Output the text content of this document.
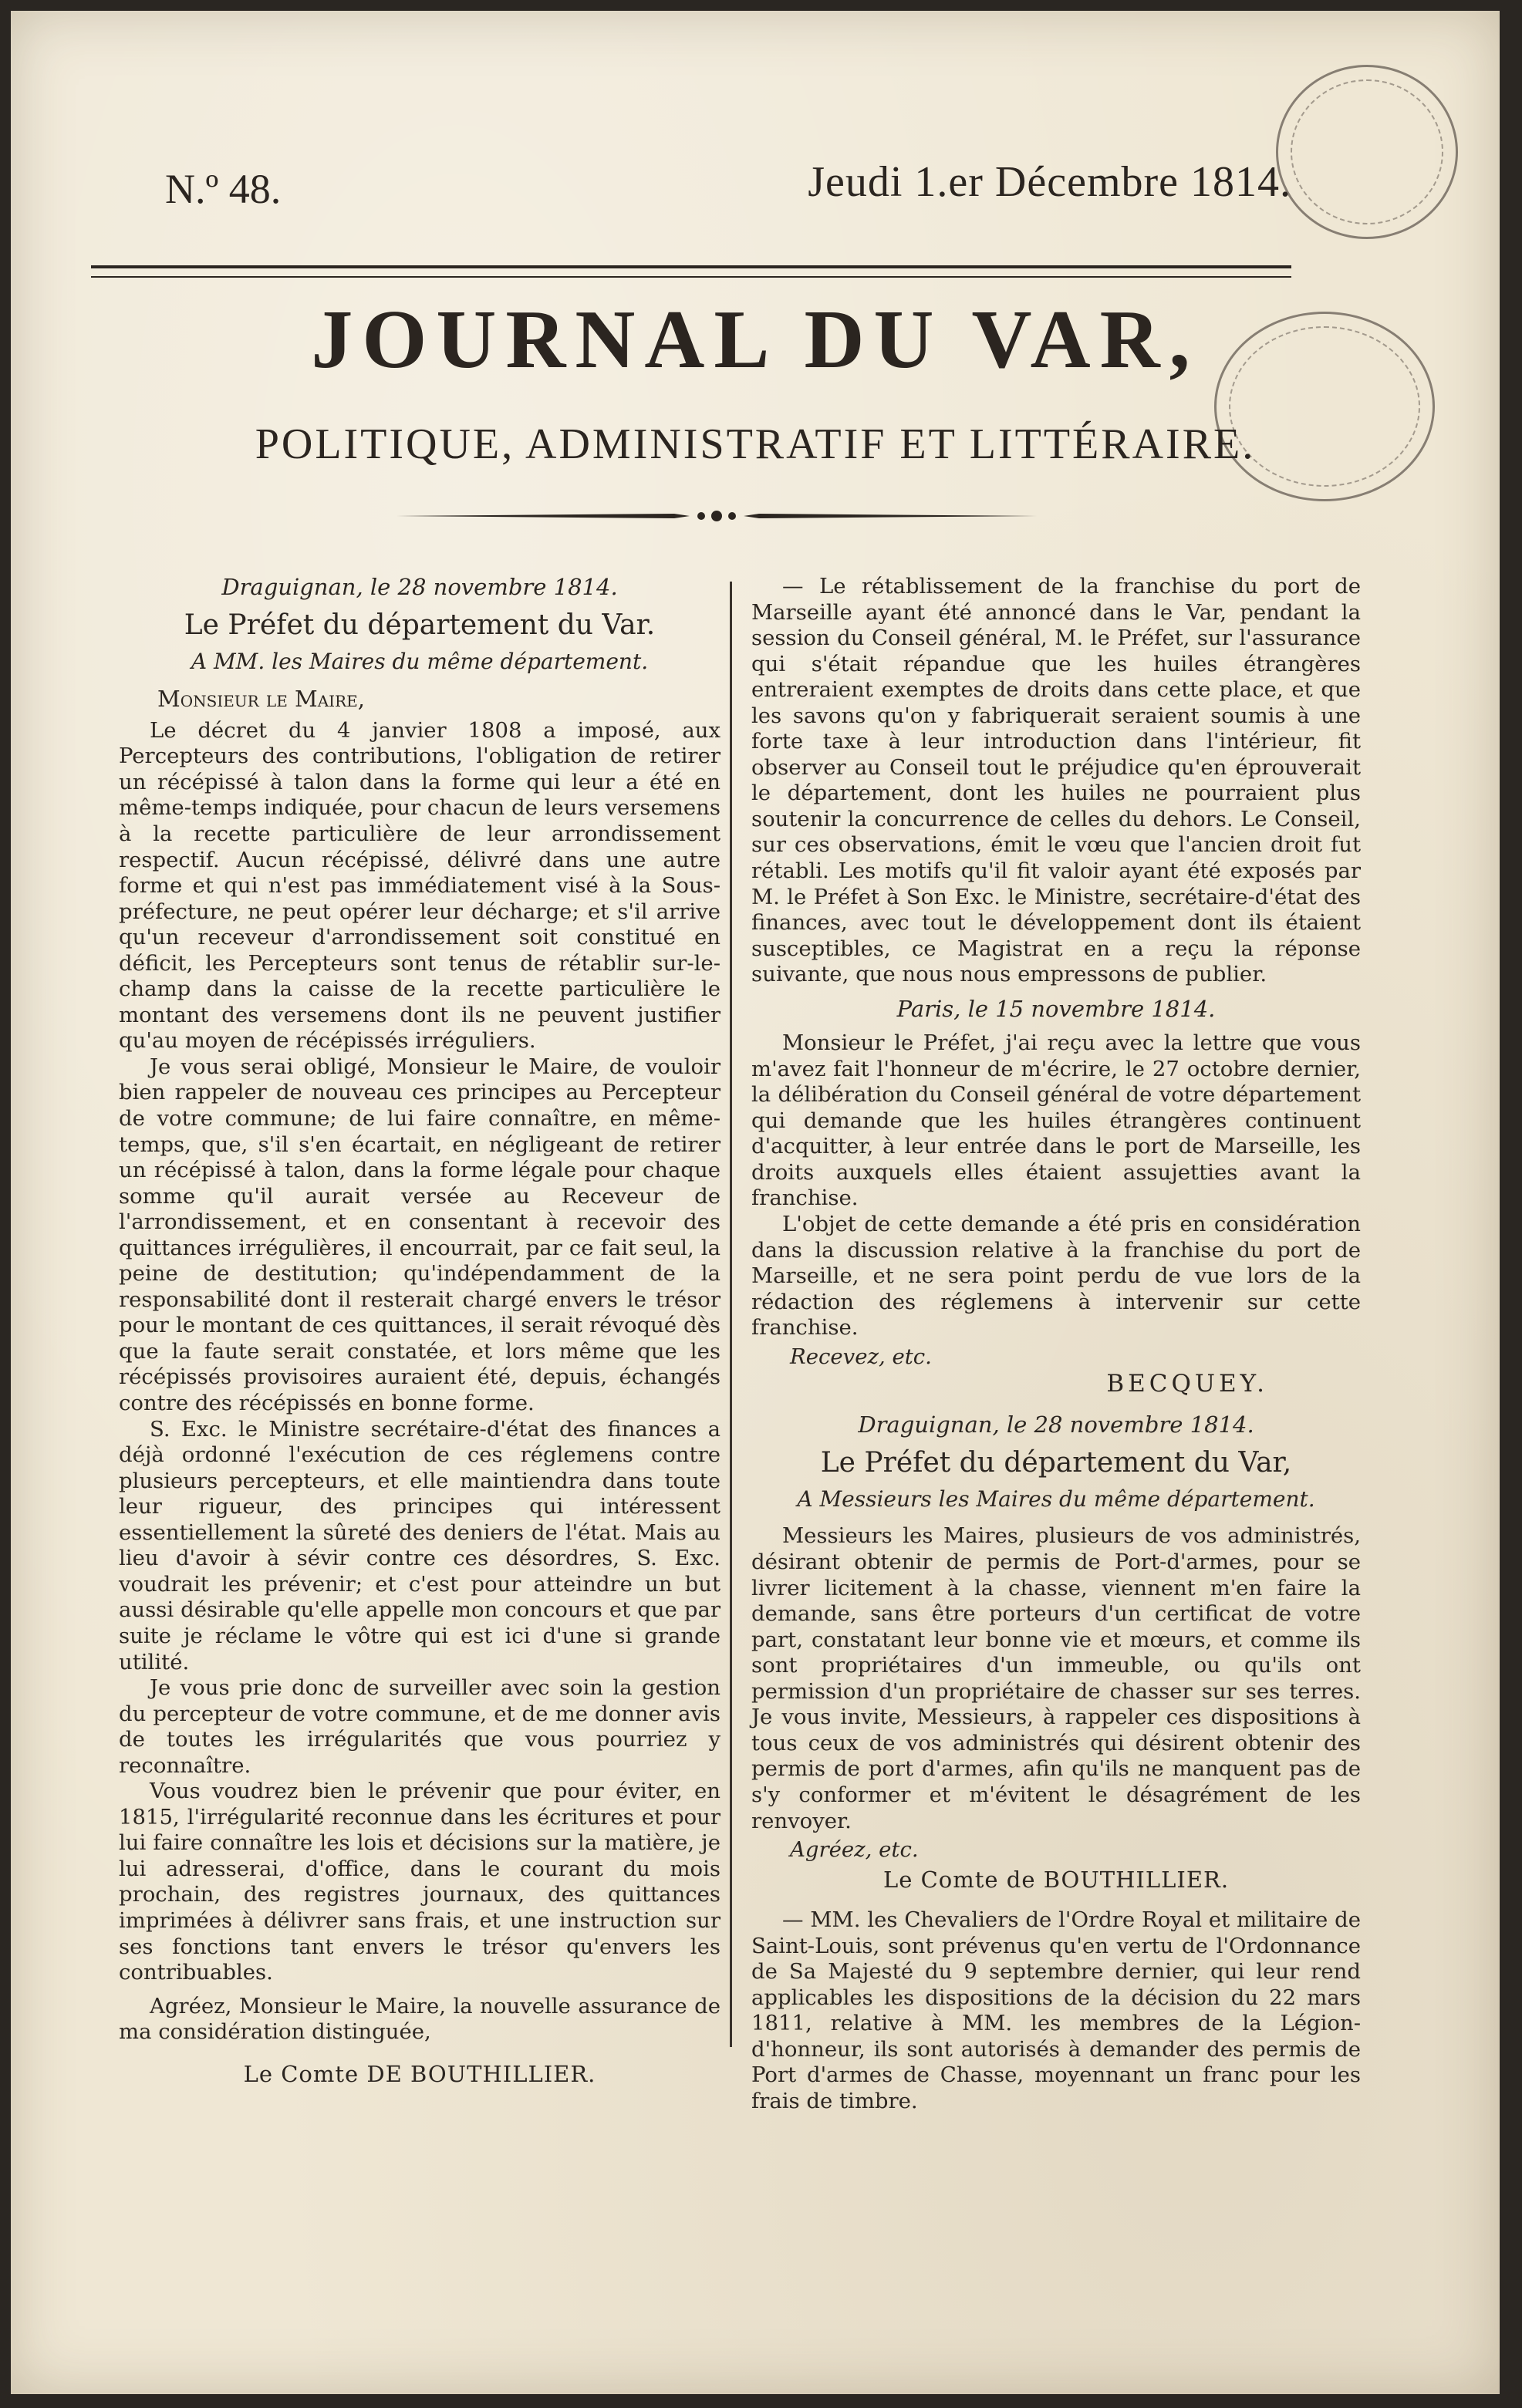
N.º 48.	Jeudi 1.er Décembre 1814.
JOURNAL DU VAR,
POLITIQUE, ADMINISTRATIF ET LITTÉRAIRE.

Draguignan, le 28 novembre 1814.

Le Préfet du département du Var.

A MM. les Maires du même département.

Monsieur le Maire,

Le décret du 4 janvier 1808 a imposé, aux Percepteurs des contributions, l'obligation de retirer un récépissé à talon dans la forme qui leur a été en même-temps indiquée, pour chacun de leurs versemens à la recette particulière de leur arrondissement respectif. Aucun récépissé, délivré dans une autre forme et qui n'est pas immédiatement visé à la Sous-préfecture, ne peut opérer leur décharge; et s'il arrive qu'un receveur d'arrondissement soit constitué en déficit, les Percepteurs sont tenus de rétablir sur-le-champ dans la caisse de la recette particulière le montant des versemens dont ils ne peuvent justifier qu'au moyen de récépissés irréguliers.

Je vous serai obligé, Monsieur le Maire, de vouloir bien rappeler de nouveau ces principes au Percepteur de votre commune; de lui faire connaître, en même-temps, que, s'il s'en écartait, en négligeant de retirer un récépissé à talon, dans la forme légale pour chaque somme qu'il aurait versée au Receveur de l'arrondissement, et en consentant à recevoir des quittances irrégulières, il encourrait, par ce fait seul, la peine de destitution; qu'indépendamment de la responsabilité dont il resterait chargé envers le trésor pour le montant de ces quittances, il serait révoqué dès que la faute serait constatée, et lors même que les récépissés provisoires auraient été, depuis, échangés contre des récépissés en bonne forme.

S. Exc. le Ministre secrétaire-d'état des finances a déjà ordonné l'exécution de ces réglemens contre plusieurs percepteurs, et elle maintiendra dans toute leur rigueur, des principes qui intéressent essentiellement la sûreté des deniers de l'état. Mais au lieu d'avoir à sévir contre ces désordres, S. Exc. voudrait les prévenir; et c'est pour atteindre un but aussi désirable qu'elle appelle mon concours et que par suite je réclame le vôtre qui est ici d'une si grande utilité.

Je vous prie donc de surveiller avec soin la gestion du percepteur de votre commune, et de me donner avis de toutes les irrégularités que vous pourriez y reconnaître.

Vous voudrez bien le prévenir que pour éviter, en 1815, l'irrégularité reconnue dans les écritures et pour lui faire connaître les lois et décisions sur la matière, je lui adresserai, d'office, dans le courant du mois prochain, des registres journaux, des quittances imprimées à délivrer sans frais, et une instruction sur ses fonctions tant envers le trésor qu'envers les contribuables.

Agréez, Monsieur le Maire, la nouvelle assurance de ma considération distinguée,

Le Comte DE BOUTHILLIER.

— Le rétablissement de la franchise du port de Marseille ayant été annoncé dans le Var, pendant la session du Conseil général, M. le Préfet, sur l'assurance qui s'était répandue que les huiles étrangères entreraient exemptes de droits dans cette place, et que les savons qu'on y fabriquerait seraient soumis à une forte taxe à leur introduction dans l'intérieur, fit observer au Conseil tout le préjudice qu'en éprouverait le département, dont les huiles ne pourraient plus soutenir la concurrence de celles du dehors. Le Conseil, sur ces observations, émit le vœu que l'ancien droit fut rétabli. Les motifs qu'il fit valoir ayant été exposés par M. le Préfet à Son Exc. le Ministre, secrétaire-d'état des finances, avec tout le développement dont ils étaient susceptibles, ce Magistrat en a reçu la réponse suivante, que nous nous empressons de publier.

Paris, le 15 novembre 1814.

Monsieur le Préfet, j'ai reçu avec la lettre que vous m'avez fait l'honneur de m'écrire, le 27 octobre dernier, la délibération du Conseil général de votre département qui demande que les huiles étrangères continuent d'acquitter, à leur entrée dans le port de Marseille, les droits auxquels elles étaient assujetties avant la franchise.

L'objet de cette demande a été pris en considération dans la discussion relative à la franchise du port de Marseille, et ne sera point perdu de vue lors de la rédaction des réglemens à intervenir sur cette franchise.

Recevez, etc.

BECQUEY.

Draguignan, le 28 novembre 1814.

Le Préfet du département du Var,

A Messieurs les Maires du même département.

Messieurs les Maires, plusieurs de vos administrés, désirant obtenir de permis de Port-d'armes, pour se livrer licitement à la chasse, viennent m'en faire la demande, sans être porteurs d'un certificat de votre part, constatant leur bonne vie et mœurs, et comme ils sont propriétaires d'un immeuble, ou qu'ils ont permission d'un propriétaire de chasser sur ses terres. Je vous invite, Messieurs, à rappeler ces dispositions à tous ceux de vos administrés qui désirent obtenir des permis de port d'armes, afin qu'ils ne manquent pas de s'y conformer et m'évitent le désagrément de les renvoyer.

Agréez, etc.

Le Comte de BOUTHILLIER.

— MM. les Chevaliers de l'Ordre Royal et militaire de Saint-Louis, sont prévenus qu'en vertu de l'Ordonnance de Sa Majesté du 9 septembre dernier, qui leur rend applicables les dispositions de la décision du 22 mars 1811, relative à MM. les membres de la Légion-d'honneur, ils sont autorisés à demander des permis de Port d'armes de Chasse, moyennant un franc pour les frais de timbre.
